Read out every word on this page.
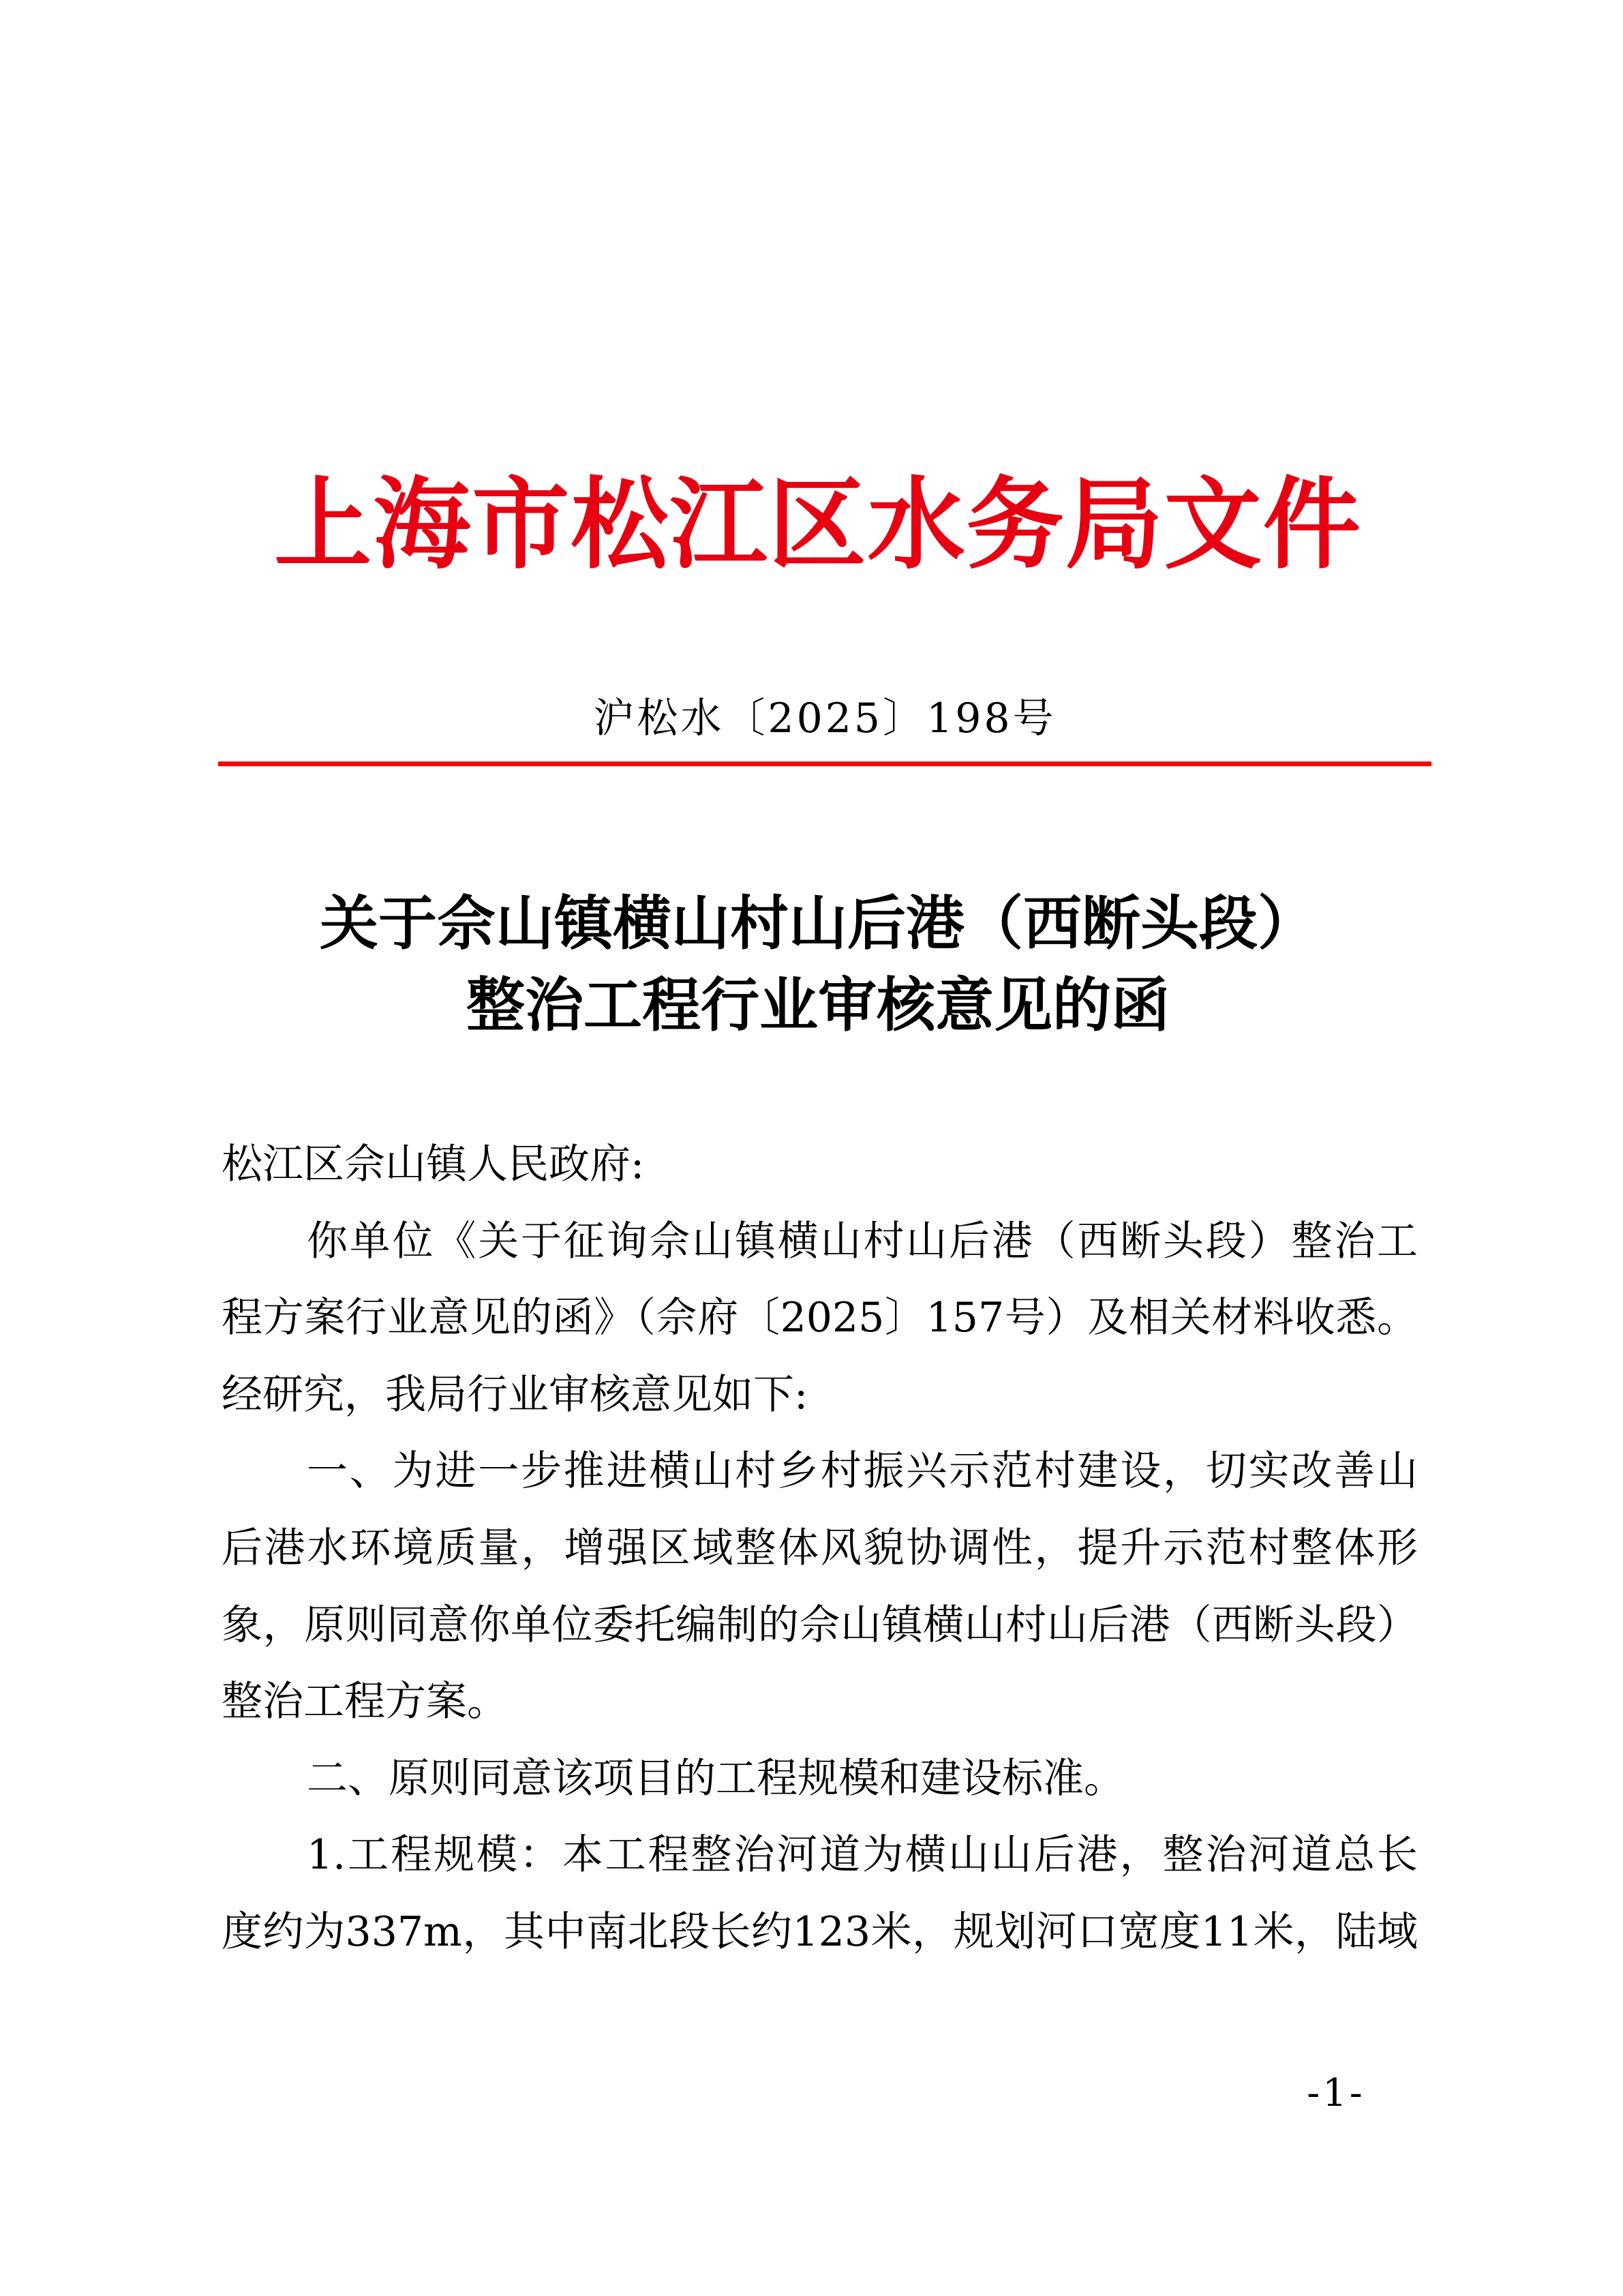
上海市松江区水务局文件
沪松水〔2025〕198号
关于佘山镇横山村山后港（西断头段）
整治工程行业审核意见的函
松江区佘山镇人民政府:
你单位《关于征询佘山镇横山村山后港（西断头段）整治工
程方案行业意见的函》（佘府〔2025〕157号）及相关材料收悉。
经研究，我局行业审核意见如下:
一、为进一步推进横山村乡村振兴示范村建设，切实改善山
后港水环境质量，增强区域整体风貌协调性，提升示范村整体形
象，原则同意你单位委托编制的佘山镇横山村山后港（西断头段）
整治工程方案。
二、原则同意该项目的工程规模和建设标准。
1.工程规模：本工程整治河道为横山山后港，整治河道总长
度约为337m，其中南北段长约123米，规划河口宽度11米，陆域
-1-
